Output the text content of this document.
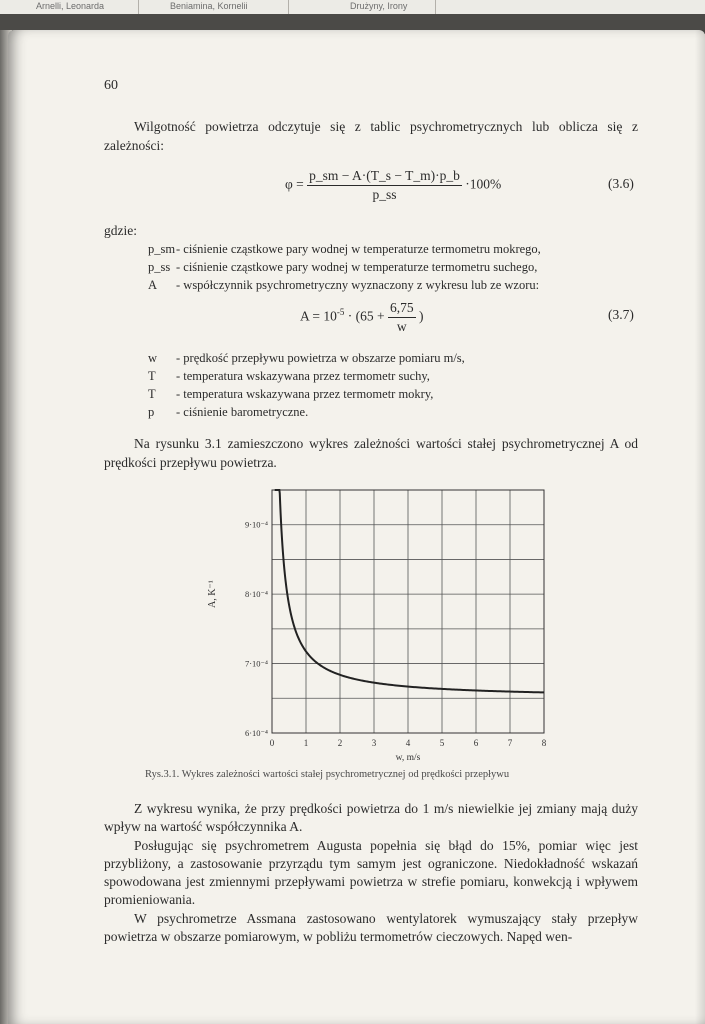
Arnelli, Leonarda	Beniamina, Kornelii	Drużyny, Irony
60
Wilgotność powietrza odczytuje się z tablic psychrometrycznych lub oblicza się z zależności:
$\varphi = \frac{p\_sm - A\cdot(T\_s - T\_m)\cdot p\_b}{p\_ss} \cdot 100\%$	(3.6)
gdzie:
p_sm - ciśnienie cząstkowe pary wodnej w temperaturze termometru mokrego,
p_ss - ciśnienie cząstkowe pary wodnej w temperaturze termometru suchego,
A - współczynnik psychrometryczny wyznaczony z wykresu lub ze wzoru:
$A = 10^{-5} \cdot (65 + \frac{6,75}{w}$ )	(3.7)
w - prędkość przepływu powietrza w obszarze pomiaru m/s,
T - temperatura wskazywana przez termometr suchy,
T - temperatura wskazywana przez termometr mokry,
p - ciśnienie barometryczne.
Na rysunku 3.1 zamieszczono wykres zależności wartości stałej psychrometrycznej A od prędkości przepływu powietrza.
0	1	2	3	4	5	6	7	8
6·10⁻⁴
7·10⁻⁴
8·10⁻⁴
9·10⁻⁴
w, m/s
A, K⁻¹
Rys.3.1. Wykres zależności wartości stałej psychrometrycznej od prędkości przepływu
Z wykresu wynika, że przy prędkości powietrza do 1 m/s niewielkie jej zmiany mają duży wpływ na wartość współczynnika A.
Posługując się psychrometrem Augusta popełnia się błąd do 15%, pomiar więc jest przybliżony, a zastosowanie przyrządu tym samym jest ograniczone. Niedokładność wskazań spowodowana jest zmiennymi przepływami powietrza w strefie pomiaru, konwekcją i wpływem promieniowania.
W psychrometrze Assmana zastosowano wentylatorek wymuszający stały przepływ powietrza w obszarze pomiarowym, w pobliżu termometrów cieczowych. Napęd wen-
